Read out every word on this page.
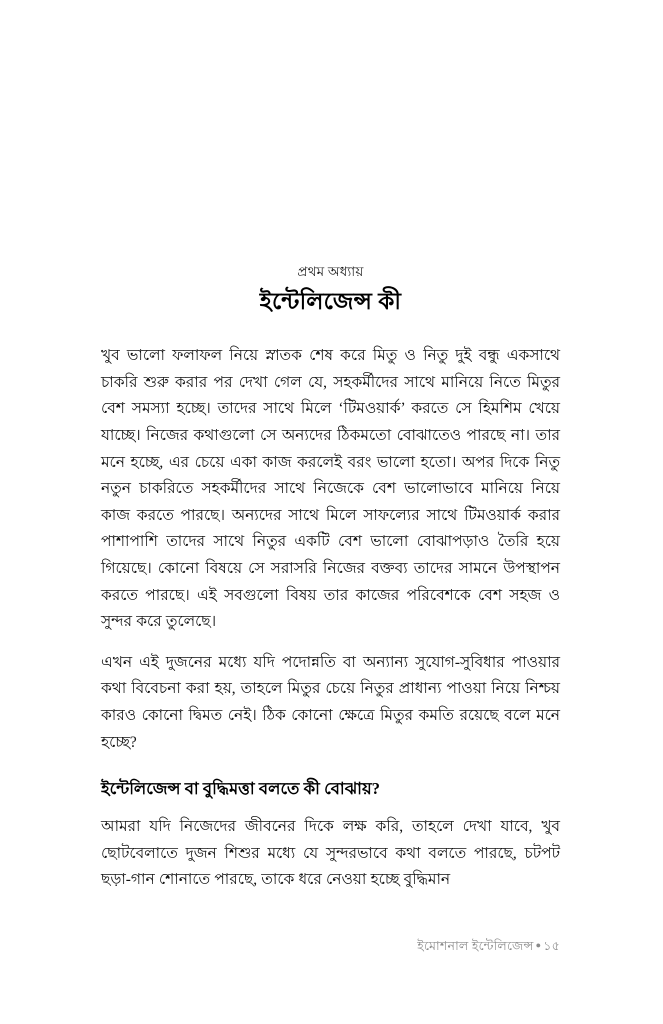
প্রথম অধ্যায়
ইন্টেলিজেন্স কী

খুব ভালো ফলাফল নিয়ে স্নাতক শেষ করে মিতু ও নিতু দুই বন্ধু একসাথে চাকরি শুরু করার পর দেখা গেল যে, সহকর্মীদের সাথে মানিয়ে নিতে মিতুর বেশ সমস্যা হচ্ছে। তাদের সাথে মিলে ‘টিমওয়ার্ক’ করতে সে হিমশিম খেয়ে যাচ্ছে। নিজের কথাগুলো সে অন্যদের ঠিকমতো বোঝাতেও পারছে না। তার মনে হচ্ছে, এর চেয়ে একা কাজ করলেই বরং ভালো হতো। অপর দিকে নিতু নতুন চাকরিতে সহকর্মীদের সাথে নিজেকে বেশ ভালোভাবে মানিয়ে নিয়ে কাজ করতে পারছে। অন্যদের সাথে মিলে সাফল্যের সাথে টিমওয়ার্ক করার পাশাপাশি তাদের সাথে নিতুর একটি বেশ ভালো বোঝাপড়াও তৈরি হয়ে গিয়েছে। কোনো বিষয়ে সে সরাসরি নিজের বক্তব্য তাদের সামনে উপস্থাপন করতে পারছে। এই সবগুলো বিষয় তার কাজের পরিবেশকে বেশ সহজ ও সুন্দর করে তুলেছে।

এখন এই দুজনের মধ্যে যদি পদোন্নতি বা অন্যান্য সুযোগ-সুবিধার পাওয়ার কথা বিবেচনা করা হয়, তাহলে মিতুর চেয়ে নিতুর প্রাধান্য পাওয়া নিয়ে নিশ্চয় কারও কোনো দ্বিমত নেই। ঠিক কোনো ক্ষেত্রে মিতুর কমতি রয়েছে বলে মনে হচ্ছে?

ইন্টেলিজেন্স বা বুদ্ধিমত্তা বলতে কী বোঝায়?

আমরা যদি নিজেদের জীবনের দিকে লক্ষ করি, তাহলে দেখা যাবে, খুব ছোটবেলাতে দুজন শিশুর মধ্যে যে সুন্দরভাবে কথা বলতে পারছে, চটপট ছড়া-গান শোনাতে পারছে, তাকে ধরে নেওয়া হচ্ছে বুদ্ধিমান

ইমোশনাল ইন্টেলিজেন্স ● ১৫
